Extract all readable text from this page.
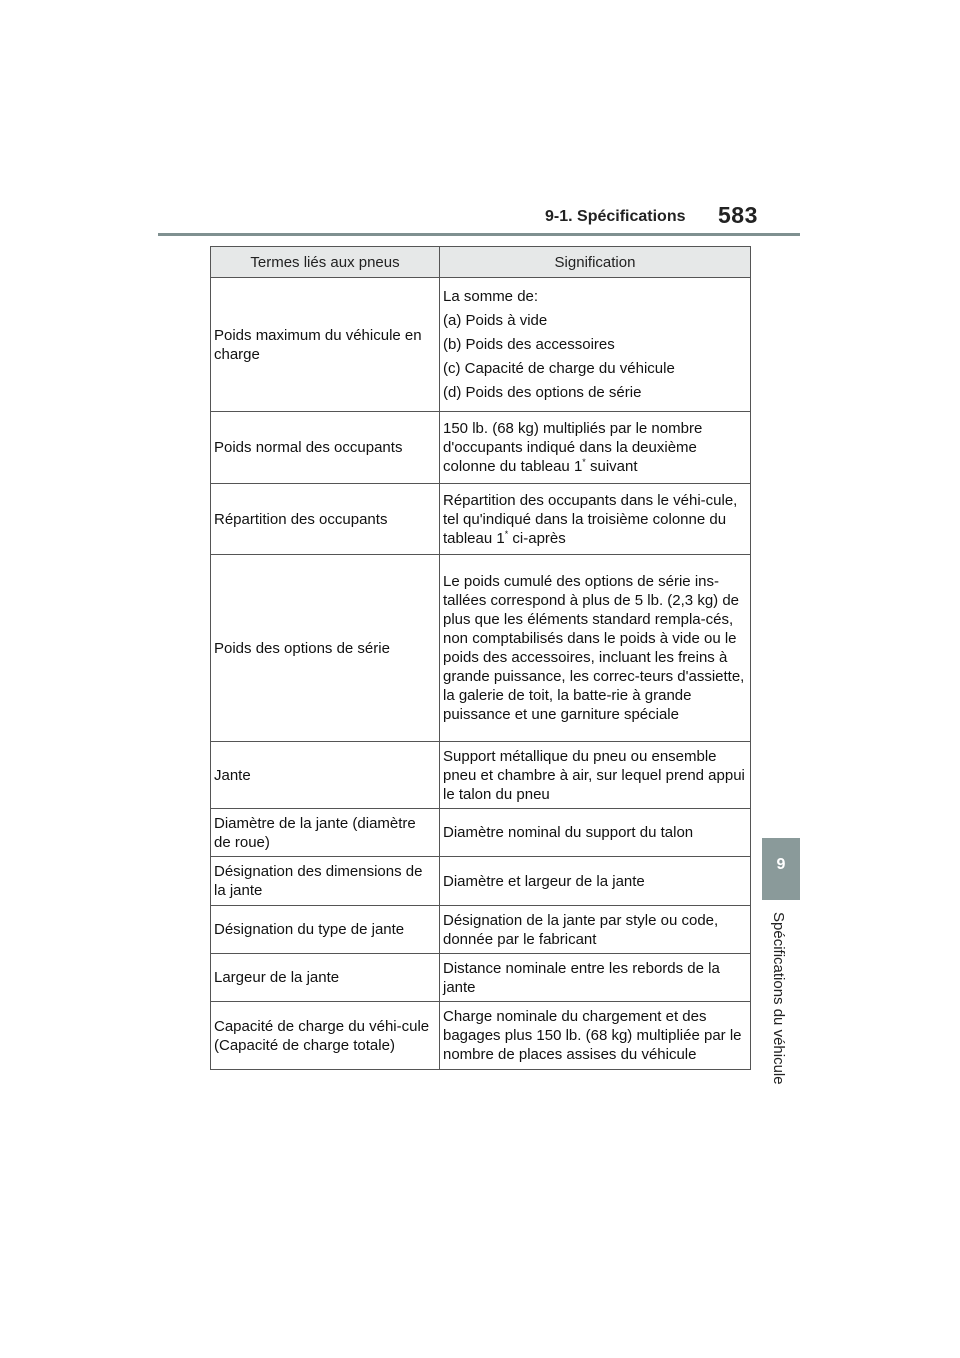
9-1. Spécifications 583
9
Spécifications du véhicule
Termes liés aux pneus	Signification
Poids maximum du véhicule en charge	La somme de:
(a) Poids à vide
(b) Poids des accessoires
(c) Capacité de charge du véhicule
(d) Poids des options de série

Poids normal des occupants	150 lb. (68 kg) multipliés par le nombre d'occupants indiqué dans la deuxième colonne du tableau 1* suivant
Répartition des occupants	Répartition des occupants dans le véhi-cule, tel qu'indiqué dans la troisième colonne du tableau 1* ci-après
Poids des options de série	Le poids cumulé des options de série ins-tallées correspond à plus de 5 lb. (2,3 kg) de plus que les éléments standard rempla-cés, non comptabilisés dans le poids à vide ou le poids des accessoires, incluant les freins à grande puissance, les correc-teurs d'assiette, la galerie de toit, la batte-rie à grande puissance et une garniture spéciale
Jante	Support métallique du pneu ou ensemble pneu et chambre à air, sur lequel prend appui le talon du pneu
Diamètre de la jante (diamètre de roue)	Diamètre nominal du support du talon
Désignation des dimensions de la jante	Diamètre et largeur de la jante
Désignation du type de jante	Désignation de la jante par style ou code, donnée par le fabricant
Largeur de la jante	Distance nominale entre les rebords de la jante
Capacité de charge du véhi-cule (Capacité de charge totale)	Charge nominale du chargement et des bagages plus 150 lb. (68 kg) multipliée par le nombre de places assises du véhicule
